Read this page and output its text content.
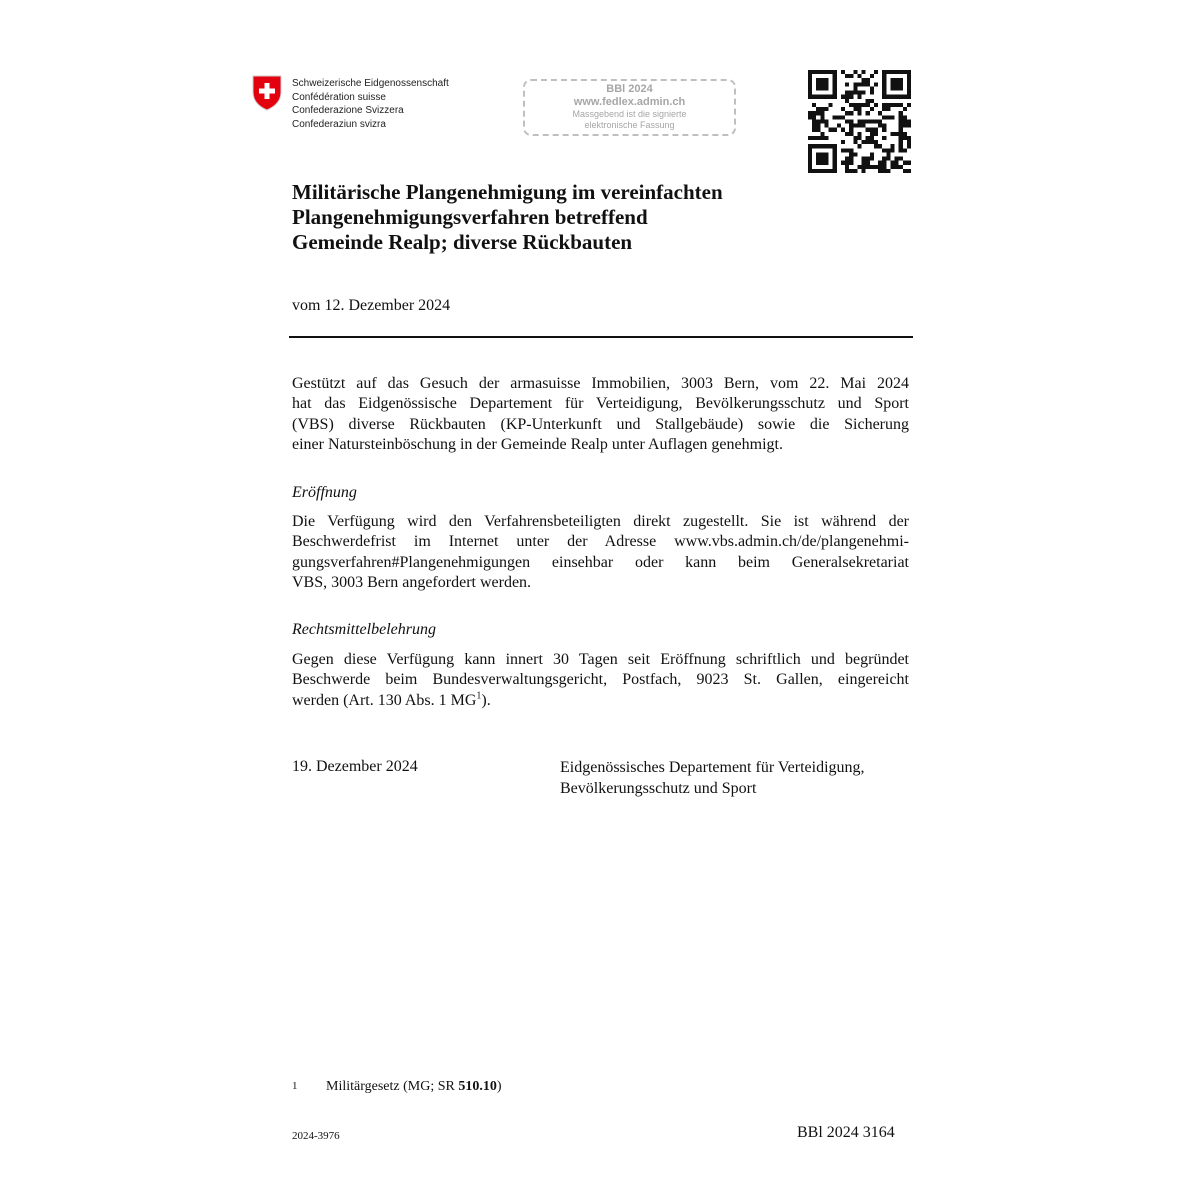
Schweizerische Eidgenossenschaft
Confédération suisse
Confederazione Svizzera
Confederaziun svizra
BBl 2024
www.fedlex.admin.ch
Massgebend ist die signierte
elektronische Fassung
Militärische Plangenehmigung im vereinfachten
Plangenehmigungsverfahren betreffend
Gemeinde Realp; diverse Rückbauten
vom 12. Dezember 2024
Gestützt auf das Gesuch der armasuisse Immobilien, 3003 Bern, vom 22. Mai 2024
hat das Eidgenössische Departement für Verteidigung, Bevölkerungsschutz und Sport
(VBS) diverse Rückbauten (KP-Unterkunft und Stallgebäude) sowie die Sicherung
einer Natursteinböschung in der Gemeinde Realp unter Auflagen genehmigt.
Eröffnung
Die Verfügung wird den Verfahrensbeteiligten direkt zugestellt. Sie ist während der
Beschwerdefrist im Internet unter der Adresse www.vbs.admin.ch/de/plangenehmi-
gungsverfahren#Plangenehmigungen einsehbar oder kann beim Generalsekretariat
VBS, 3003 Bern angefordert werden.
Rechtsmittelbelehrung
Gegen diese Verfügung kann innert 30 Tagen seit Eröffnung schriftlich und begründet
Beschwerde beim Bundesverwaltungsgericht, Postfach, 9023 St. Gallen, eingereicht
werden (Art. 130 Abs. 1 $MG^1$).
19. Dezember 2024	Eidgenössisches Departement für Verteidigung,
Bevölkerungsschutz und Sport
1 Militärgesetz (MG; SR 510.10)
2024-3976	BBl 2024 3164
